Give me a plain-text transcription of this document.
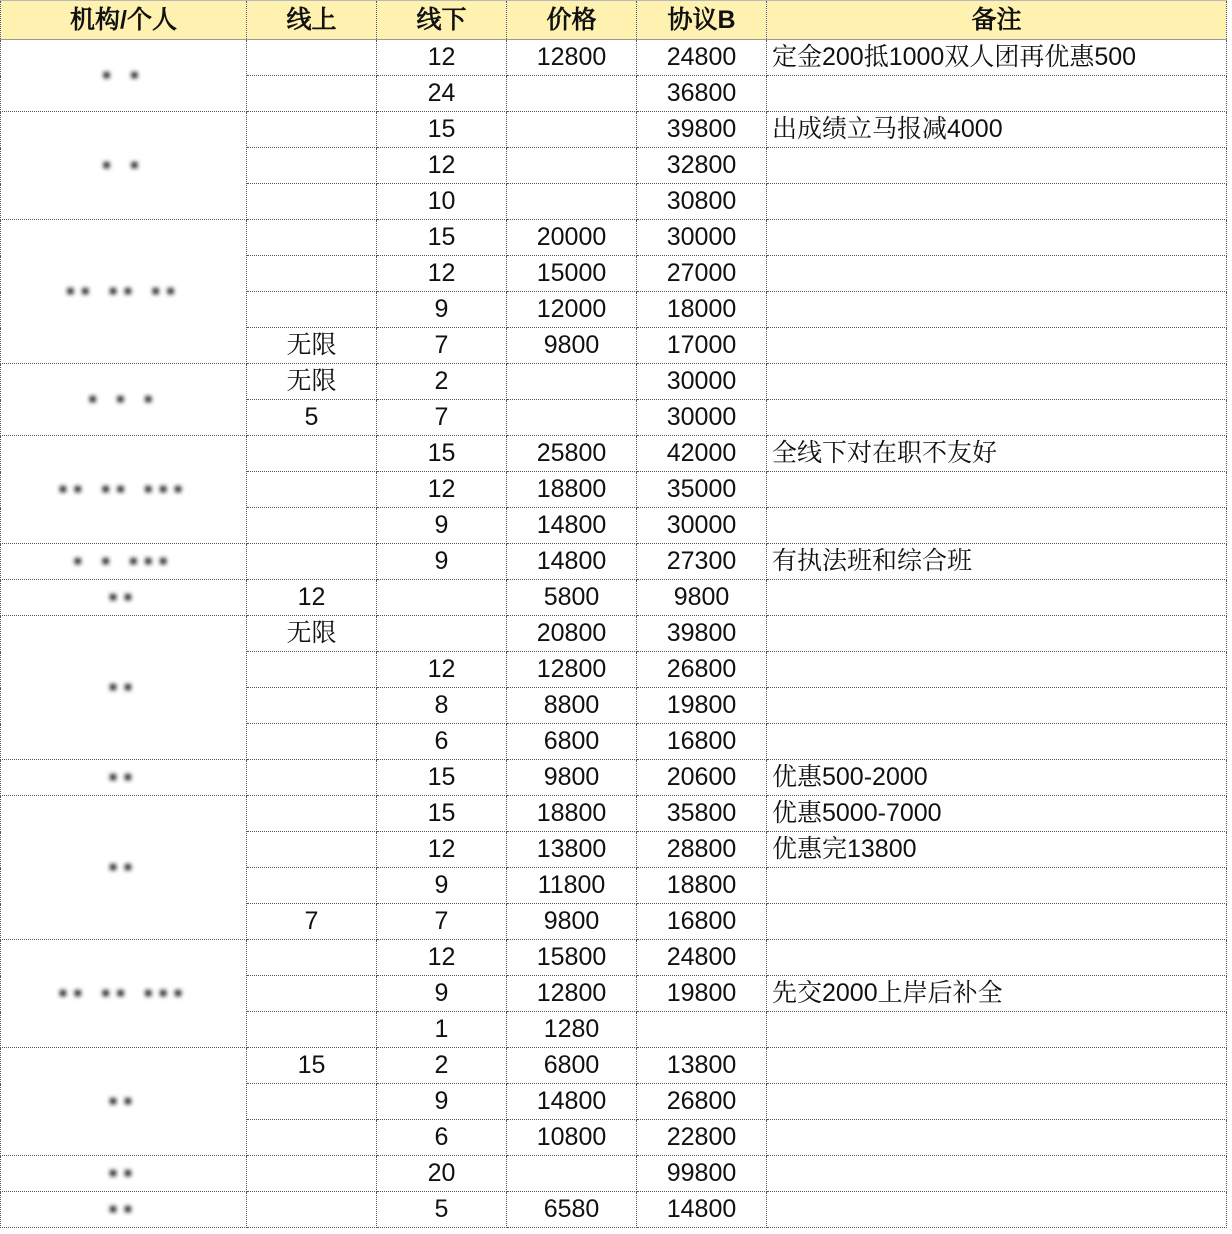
机构/个人	线上	线下	价格	协议B	备注
▪ ▪		12	12800	24800	定金200抵1000双人团再优惠500
		24		36800	
▪ ▪		15		39800	出成绩立马报减4000
		12		32800	
		10		30800	
▪▪ ▪▪ ▪▪		15	20000	30000	
		12	15000	27000	
		9	12000	18000	
	无限	7	9800	17000	
▪ ▪ ▪	无限	2		30000	
	5	7		30000	
▪▪ ▪▪ ▪▪▪		15	25800	42000	全线下对在职不友好
		12	18800	35000	
		9	14800	30000	
▪ ▪ ▪▪▪		9	14800	27300	有执法班和综合班
▪▪	12		5800	9800	
▪▪	无限		20800	39800	
		12	12800	26800	
		8	8800	19800	
		6	6800	16800	
▪▪		15	9800	20600	优惠500-2000
▪▪		15	18800	35800	优惠5000-7000
		12	13800	28800	优惠完13800
		9	11800	18800	
	7	7	9800	16800	
▪▪ ▪▪ ▪▪▪		12	15800	24800	
		9	12800	19800	先交2000上岸后补全
		1	1280		
▪▪	15	2	6800	13800	
		9	14800	26800	
		6	10800	22800	
▪▪		20		99800	
▪▪		5	6580	14800	
